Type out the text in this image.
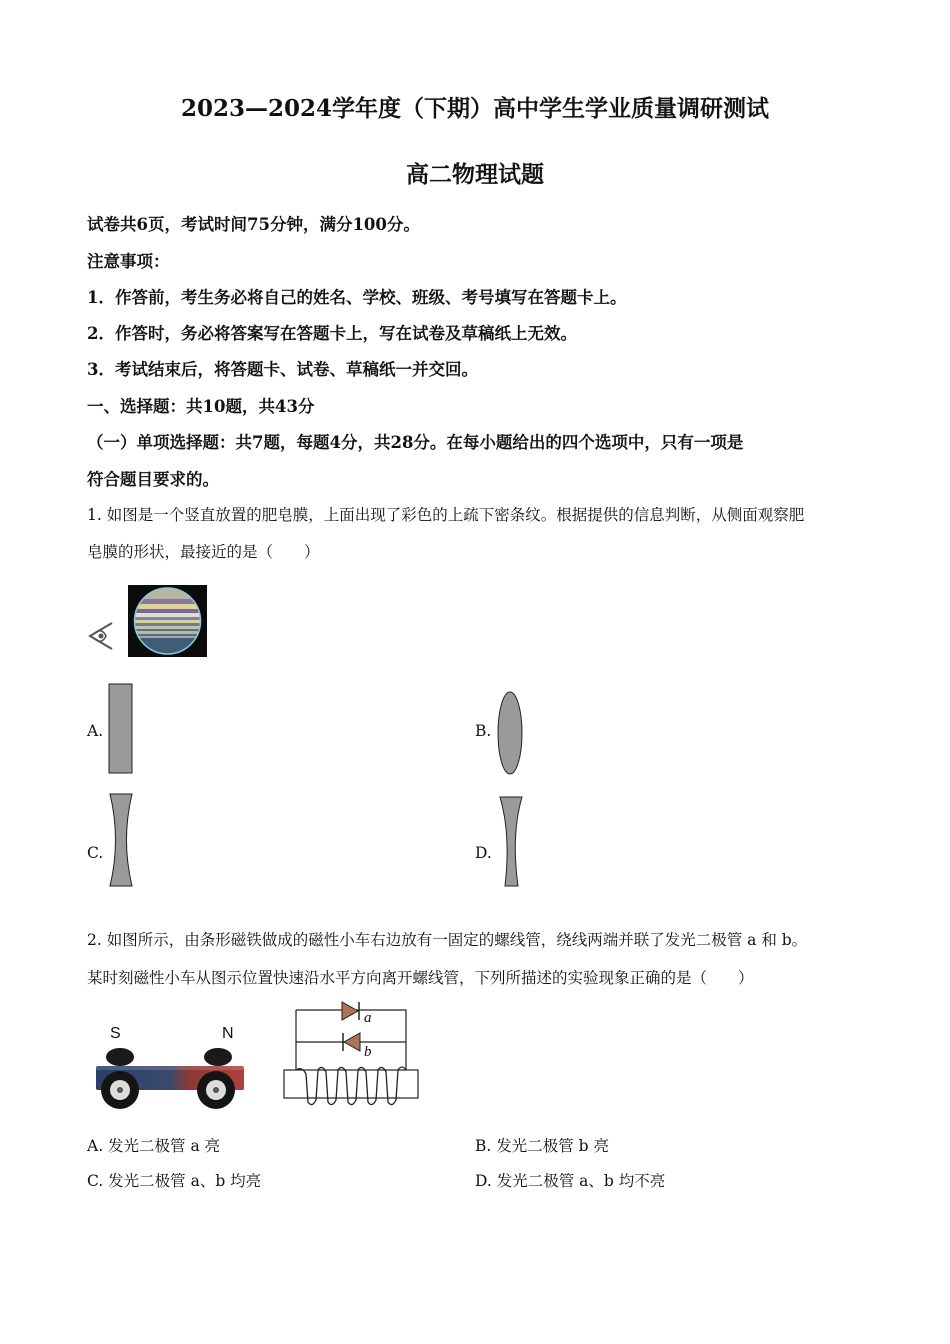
2023—2024学年度（下期）高中学生学业质量调研测试
高二物理试题
试卷共6页，考试时间75分钟，满分100分。
注意事项：
1．作答前，考生务必将自己的姓名、学校、班级、考号填写在答题卡上。
2．作答时，务必将答案写在答题卡上，写在试卷及草稿纸上无效。
3．考试结束后，将答题卡、试卷、草稿纸一并交回。
一、选择题：共10题，共43分
（一）单项选择题：共7题，每题4分，共28分。在每小题给出的四个选项中，只有一项是
符合题目要求的。
1. 如图是一个竖直放置的肥皂膜，上面出现了彩色的上疏下密条纹。根据提供的信息判断，从侧面观察肥
皂膜的形状，最接近的是（　　）
A.	B.
C.	D.
2. 如图所示，由条形磁铁做成的磁性小车右边放有一固定的螺线管，绕线两端并联了发光二极管 a 和 b。
某时刻磁性小车从图示位置快速沿水平方向离开螺线管，下列所描述的实验现象正确的是（　　）
S	N
a
b
A. 发光二极管 a 亮	B. 发光二极管 b 亮
C. 发光二极管 a、b 均亮	D. 发光二极管 a、b 均不亮
